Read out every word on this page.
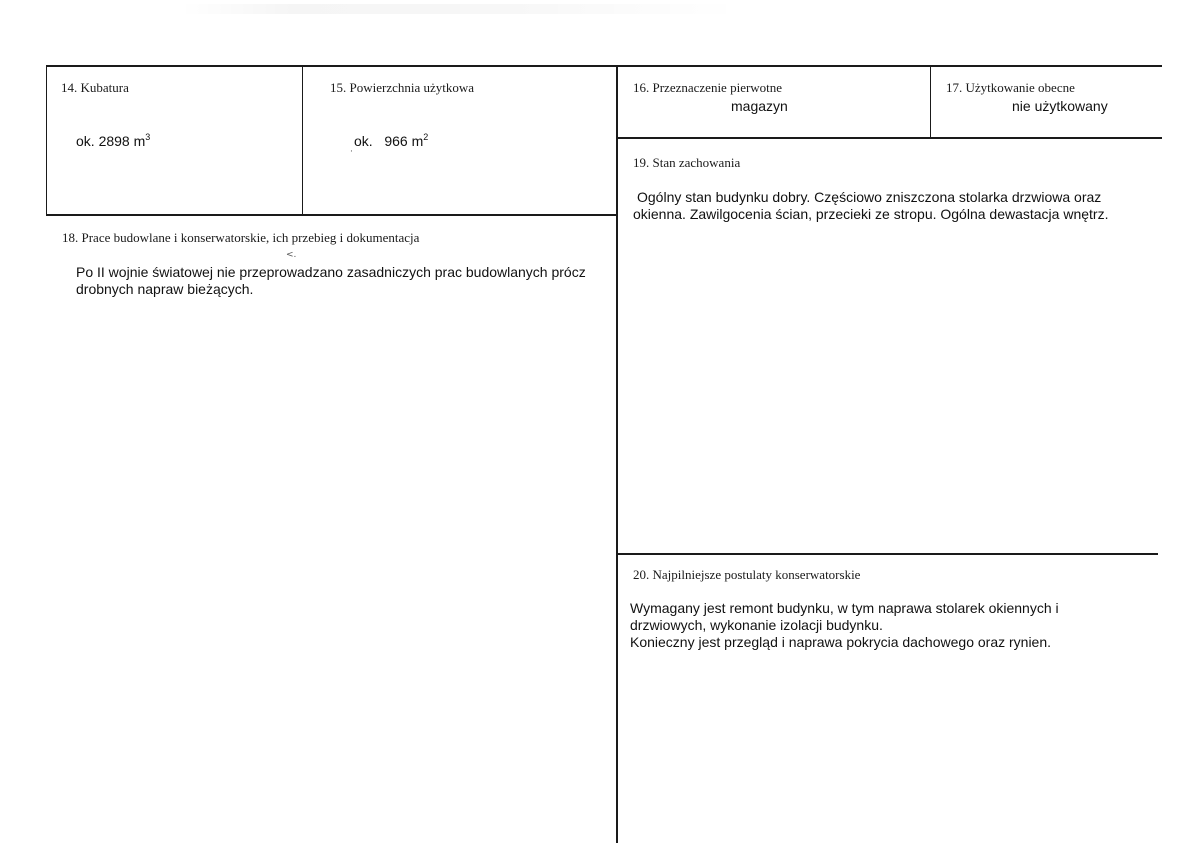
14. Kubatura
ok. 2898 $m^3$
15. Powierzchnia użytkowa
ok.   966 $m^2$
·
16. Przeznaczenie pierwotne
magazyn
17. Użytkowanie obecne
nie użytkowany
18. Prace budowlane i konserwatorskie, ich przebieg i dokumentacja
<.
Po II wojnie światowej nie przeprowadzano zasadniczych prac budowlanych prócz
drobnych napraw bieżących.
19. Stan zachowania
Ogólny stan budynku dobry. Częściowo zniszczona stolarka drzwiowa oraz
okienna. Zawilgocenia ścian, przecieki ze stropu. Ogólna dewastacja wnętrz.
20. Najpilniejsze postulaty konserwatorskie
Wymagany jest remont budynku, w tym naprawa stolarek okiennych i
drzwiowych, wykonanie izolacji budynku.
Konieczny jest przegląd i naprawa pokrycia dachowego oraz rynien.
